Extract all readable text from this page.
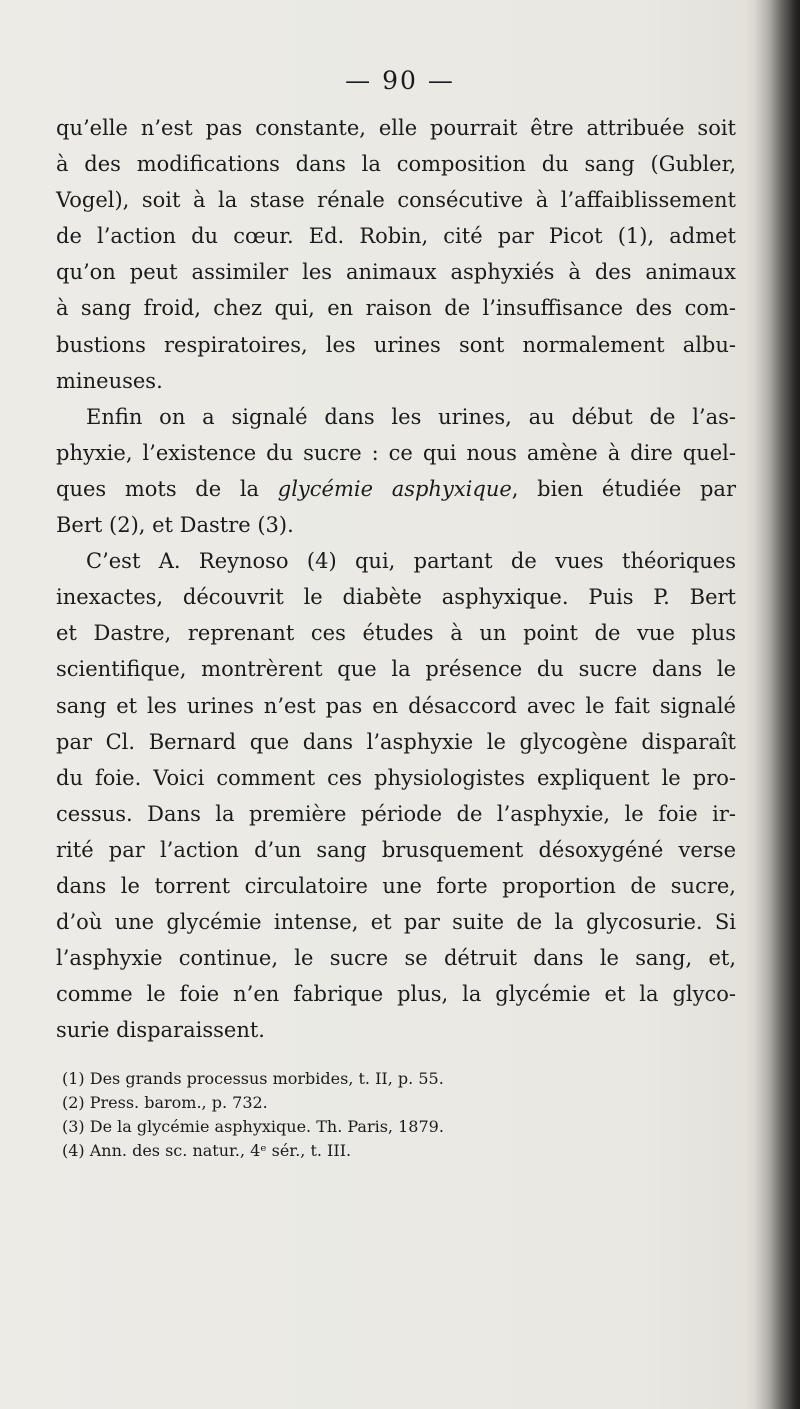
— 90 —
qu’elle n’est pas constante, elle pourrait être attribuée soit
à des modifications dans la composition du sang (Gubler,
Vogel), soit à la stase rénale consécutive à l’affaiblissement
de l’action du cœur. Ed. Robin, cité par Picot (1), admet
qu’on peut assimiler les animaux asphyxiés à des animaux
à sang froid, chez qui, en raison de l’insuffisance des com-
bustions respiratoires, les urines sont normalement albu-
mineuses.
Enfin on a signalé dans les urines, au début de l’as-
phyxie, l’existence du sucre : ce qui nous amène à dire quel-
ques mots de la glycémie asphyxique, bien étudiée par
Bert (2), et Dastre (3).
C’est A. Reynoso (4) qui, partant de vues théoriques
inexactes, découvrit le diabète asphyxique. Puis P. Bert
et Dastre, reprenant ces études à un point de vue plus
scientifique, montrèrent que la présence du sucre dans le
sang et les urines n’est pas en désaccord avec le fait signalé
par Cl. Bernard que dans l’asphyxie le glycogène disparaît
du foie. Voici comment ces physiologistes expliquent le pro-
cessus. Dans la première période de l’asphyxie, le foie ir-
rité par l’action d’un sang brusquement désoxygéné verse
dans le torrent circulatoire une forte proportion de sucre,
d’où une glycémie intense, et par suite de la glycosurie. Si
l’asphyxie continue, le sucre se détruit dans le sang, et,
comme le foie n’en fabrique plus, la glycémie et la glyco-
surie disparaissent.
(1) Des grands processus morbides, t. II, p. 55.
(2) Press. barom., p. 732.
(3) De la glycémie asphyxique. Th. Paris, 1879.
(4) Ann. des sc. natur., 4ᵉ sér., t. III.
